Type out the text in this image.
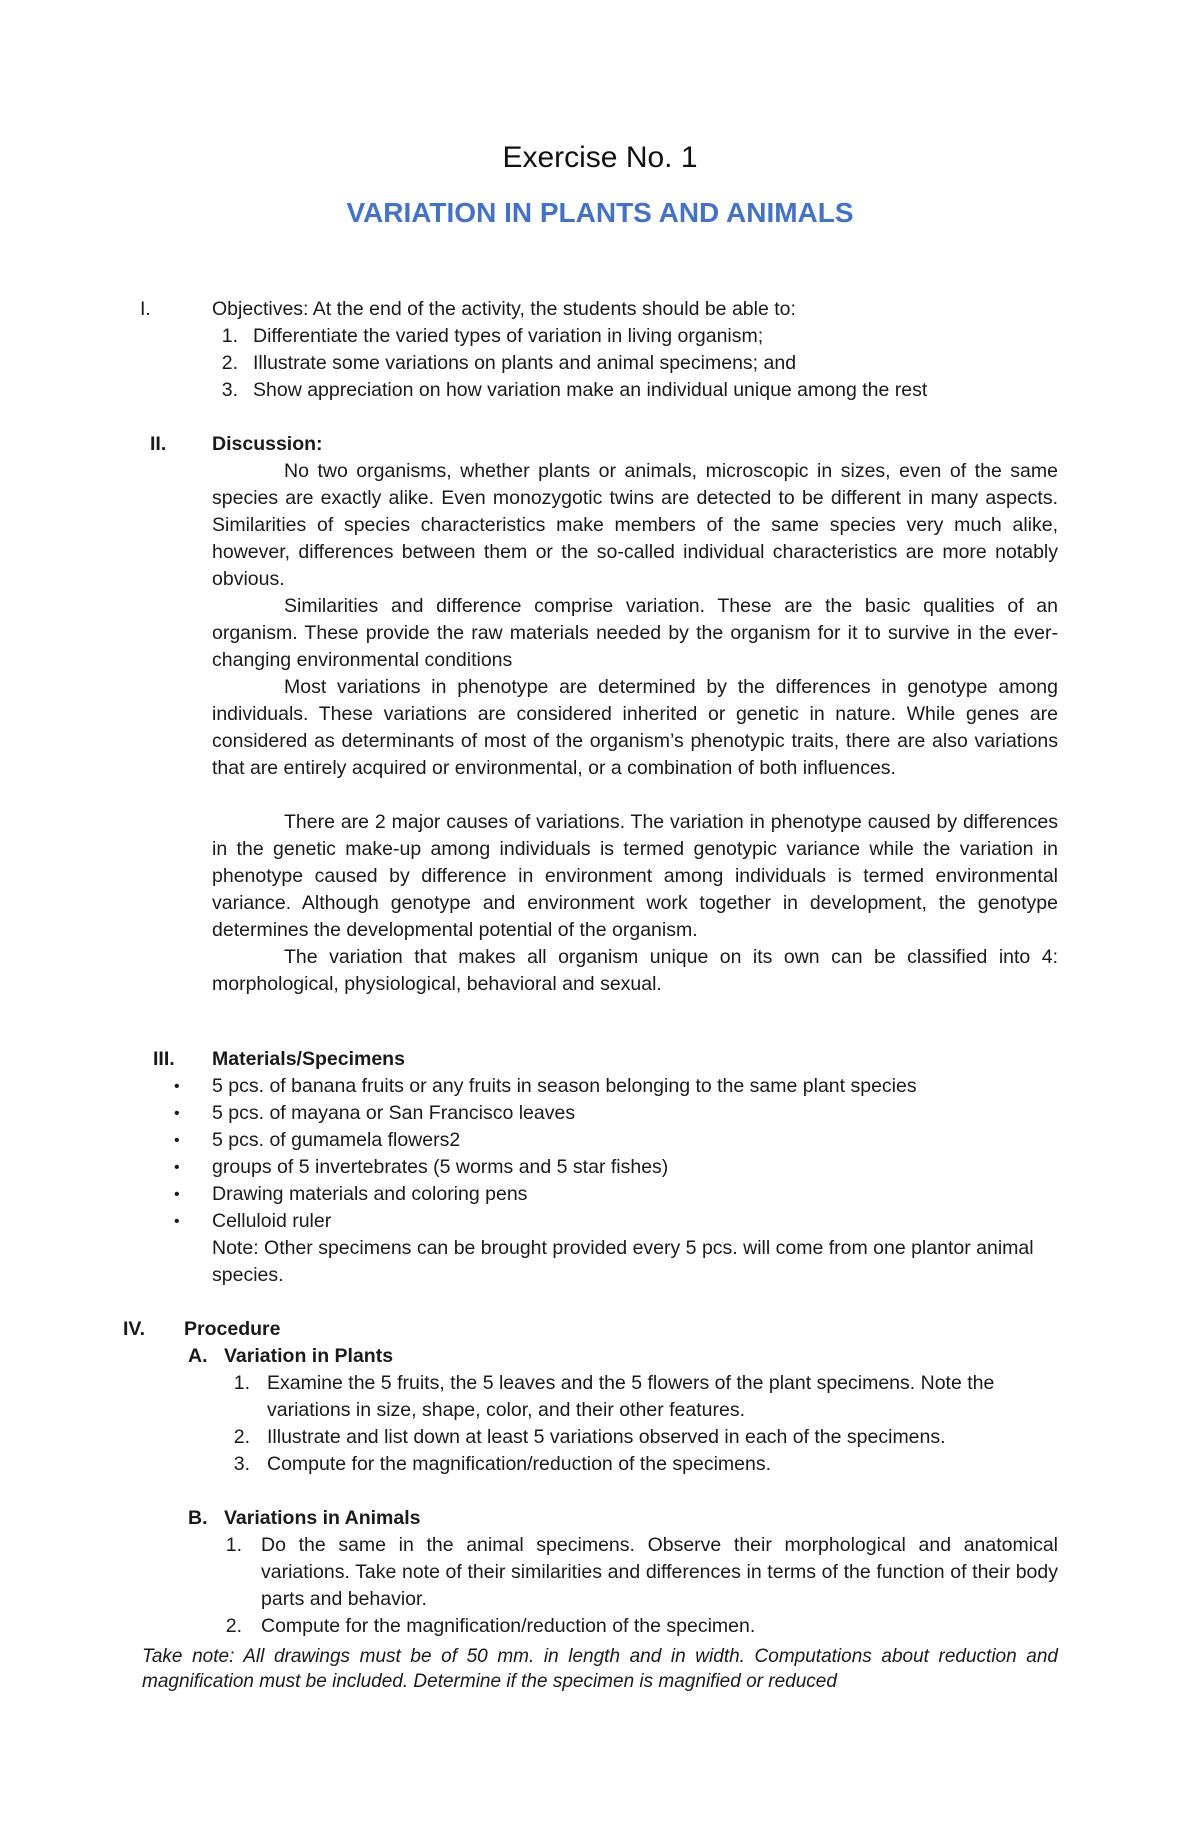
Exercise No. 1
VARIATION IN PLANTS AND ANIMALS
I.	Objectives: At the end of the activity, the students should be able to:
1. Differentiate the varied types of variation in living organism;
2. Illustrate some variations on plants and animal specimens; and
3. Show appreciation on how variation make an individual unique among the rest
II.	Discussion:
No two organisms, whether plants or animals, microscopic in sizes, even of the same species are exactly alike. Even monozygotic twins are detected to be different in many aspects. Similarities of species characteristics make members of the same species very much alike, however, differences between them or the so-called individual characteristics are more notably obvious.
Similarities and difference comprise variation. These are the basic qualities of an organism. These provide the raw materials needed by the organism for it to survive in the ever-changing environmental conditions
Most variations in phenotype are determined by the differences in genotype among individuals. These variations are considered inherited or genetic in nature. While genes are considered as determinants of most of the organism’s phenotypic traits, there are also variations that are entirely acquired or environmental, or a combination of both influences.
There are 2 major causes of variations. The variation in phenotype caused by differences in the genetic make-up among individuals is termed genotypic variance while the variation in phenotype caused by difference in environment among individuals is termed environmental variance. Although genotype and environment work together in development, the genotype determines the developmental potential of the organism.
The variation that makes all organism unique on its own can be classified into 4: morphological, physiological, behavioral and sexual.
III.	Materials/Specimens
• 5 pcs. of banana fruits or any fruits in season belonging to the same plant species
• 5 pcs. of mayana or San Francisco leaves
• 5 pcs. of gumamela flowers2
• groups of 5 invertebrates (5 worms and 5 star fishes)
• Drawing materials and coloring pens
• Celluloid ruler
Note: Other specimens can be brought provided every 5 pcs. will come from one plantor animal species.
IV.	Procedure
A. Variation in Plants
1. Examine the 5 fruits, the 5 leaves and the 5 flowers of the plant specimens. Note the variations in size, shape, color, and their other features.
2. Illustrate and list down at least 5 variations observed in each of the specimens.
3. Compute for the magnification/reduction of the specimens.
B. Variations in Animals
1. Do the same in the animal specimens. Observe their morphological and anatomical variations. Take note of their similarities and differences in terms of the function of their body parts and behavior.
2. Compute for the magnification/reduction of the specimen.
Take note: All drawings must be of 50 mm. in length and in width. Computations about reduction and magnification must be included. Determine if the specimen is magnified or reduced
